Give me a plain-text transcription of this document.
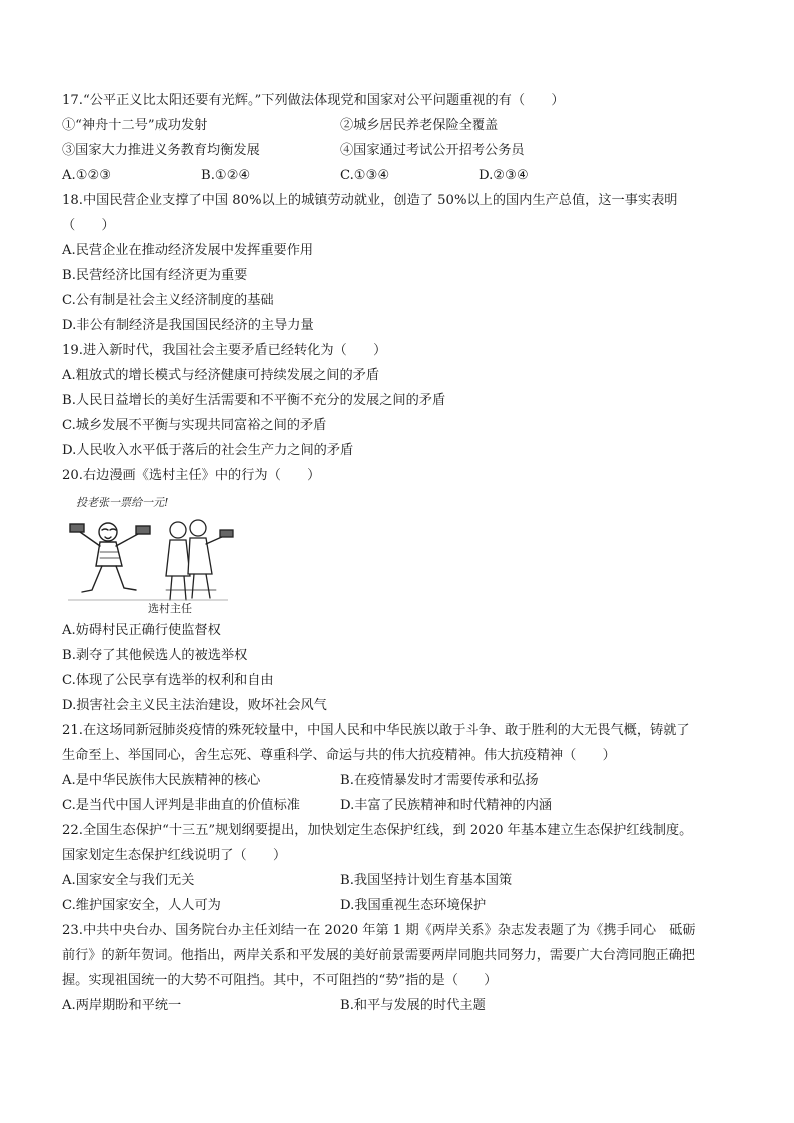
17.“公平正义比太阳还要有光辉。”下列做法体现党和国家对公平问题重视的有（　　）
①“神舟十二号”成功发射	②城乡居民养老保险全覆盖
③国家大力推进义务教育均衡发展	④国家通过考试公开招考公务员
A.①②③	B.①②④	C.①③④	D.②③④
18.中国民营企业支撑了中国 80%以上的城镇劳动就业，创造了 50%以上的国内生产总值，这一事实表明
（　　）
A.民营企业在推动经济发展中发挥重要作用
B.民营经济比国有经济更为重要
C.公有制是社会主义经济制度的基础
D.非公有制经济是我国国民经济的主导力量
19.进入新时代，我国社会主要矛盾已经转化为（　　）
A.粗放式的增长模式与经济健康可持续发展之间的矛盾
B.人民日益增长的美好生活需要和不平衡不充分的发展之间的矛盾
C.城乡发展不平衡与实现共同富裕之间的矛盾
D.人民收入水平低于落后的社会生产力之间的矛盾
20.右边漫画《选村主任》中的行为（　　）
投老张一票给一元!
选村主任
A.妨碍村民正确行使监督权
B.剥夺了其他候选人的被选举权
C.体现了公民享有选举的权利和自由
D.损害社会主义民主法治建设，败坏社会风气
21.在这场同新冠肺炎疫情的殊死较量中，中国人民和中华民族以敢于斗争、敢于胜利的大无畏气概，铸就了
生命至上、举国同心，舍生忘死、尊重科学、命运与共的伟大抗疫精神。伟大抗疫精神（　　）
A.是中华民族伟大民族精神的核心	B.在疫情暴发时才需要传承和弘扬
C.是当代中国人评判是非曲直的价值标准	D.丰富了民族精神和时代精神的内涵
22.全国生态保护“十三五”规划纲要提出，加快划定生态保护红线，到 2020 年基本建立生态保护红线制度。
国家划定生态保护红线说明了（　　）
A.国家安全与我们无关	B.我国坚持计划生育基本国策
C.维护国家安全，人人可为	D.我国重视生态环境保护
23.中共中央台办、国务院台办主任刘结一在 2020 年第 1 期《两岸关系》杂志发表题了为《携手同心　砥砺
前行》的新年贺词。他指出，两岸关系和平发展的美好前景需要两岸同胞共同努力，需要广大台湾同胞正确把
握。实现祖国统一的大势不可阻挡。其中，不可阻挡的“势”指的是（　　）
A.两岸期盼和平统一	B.和平与发展的时代主题
